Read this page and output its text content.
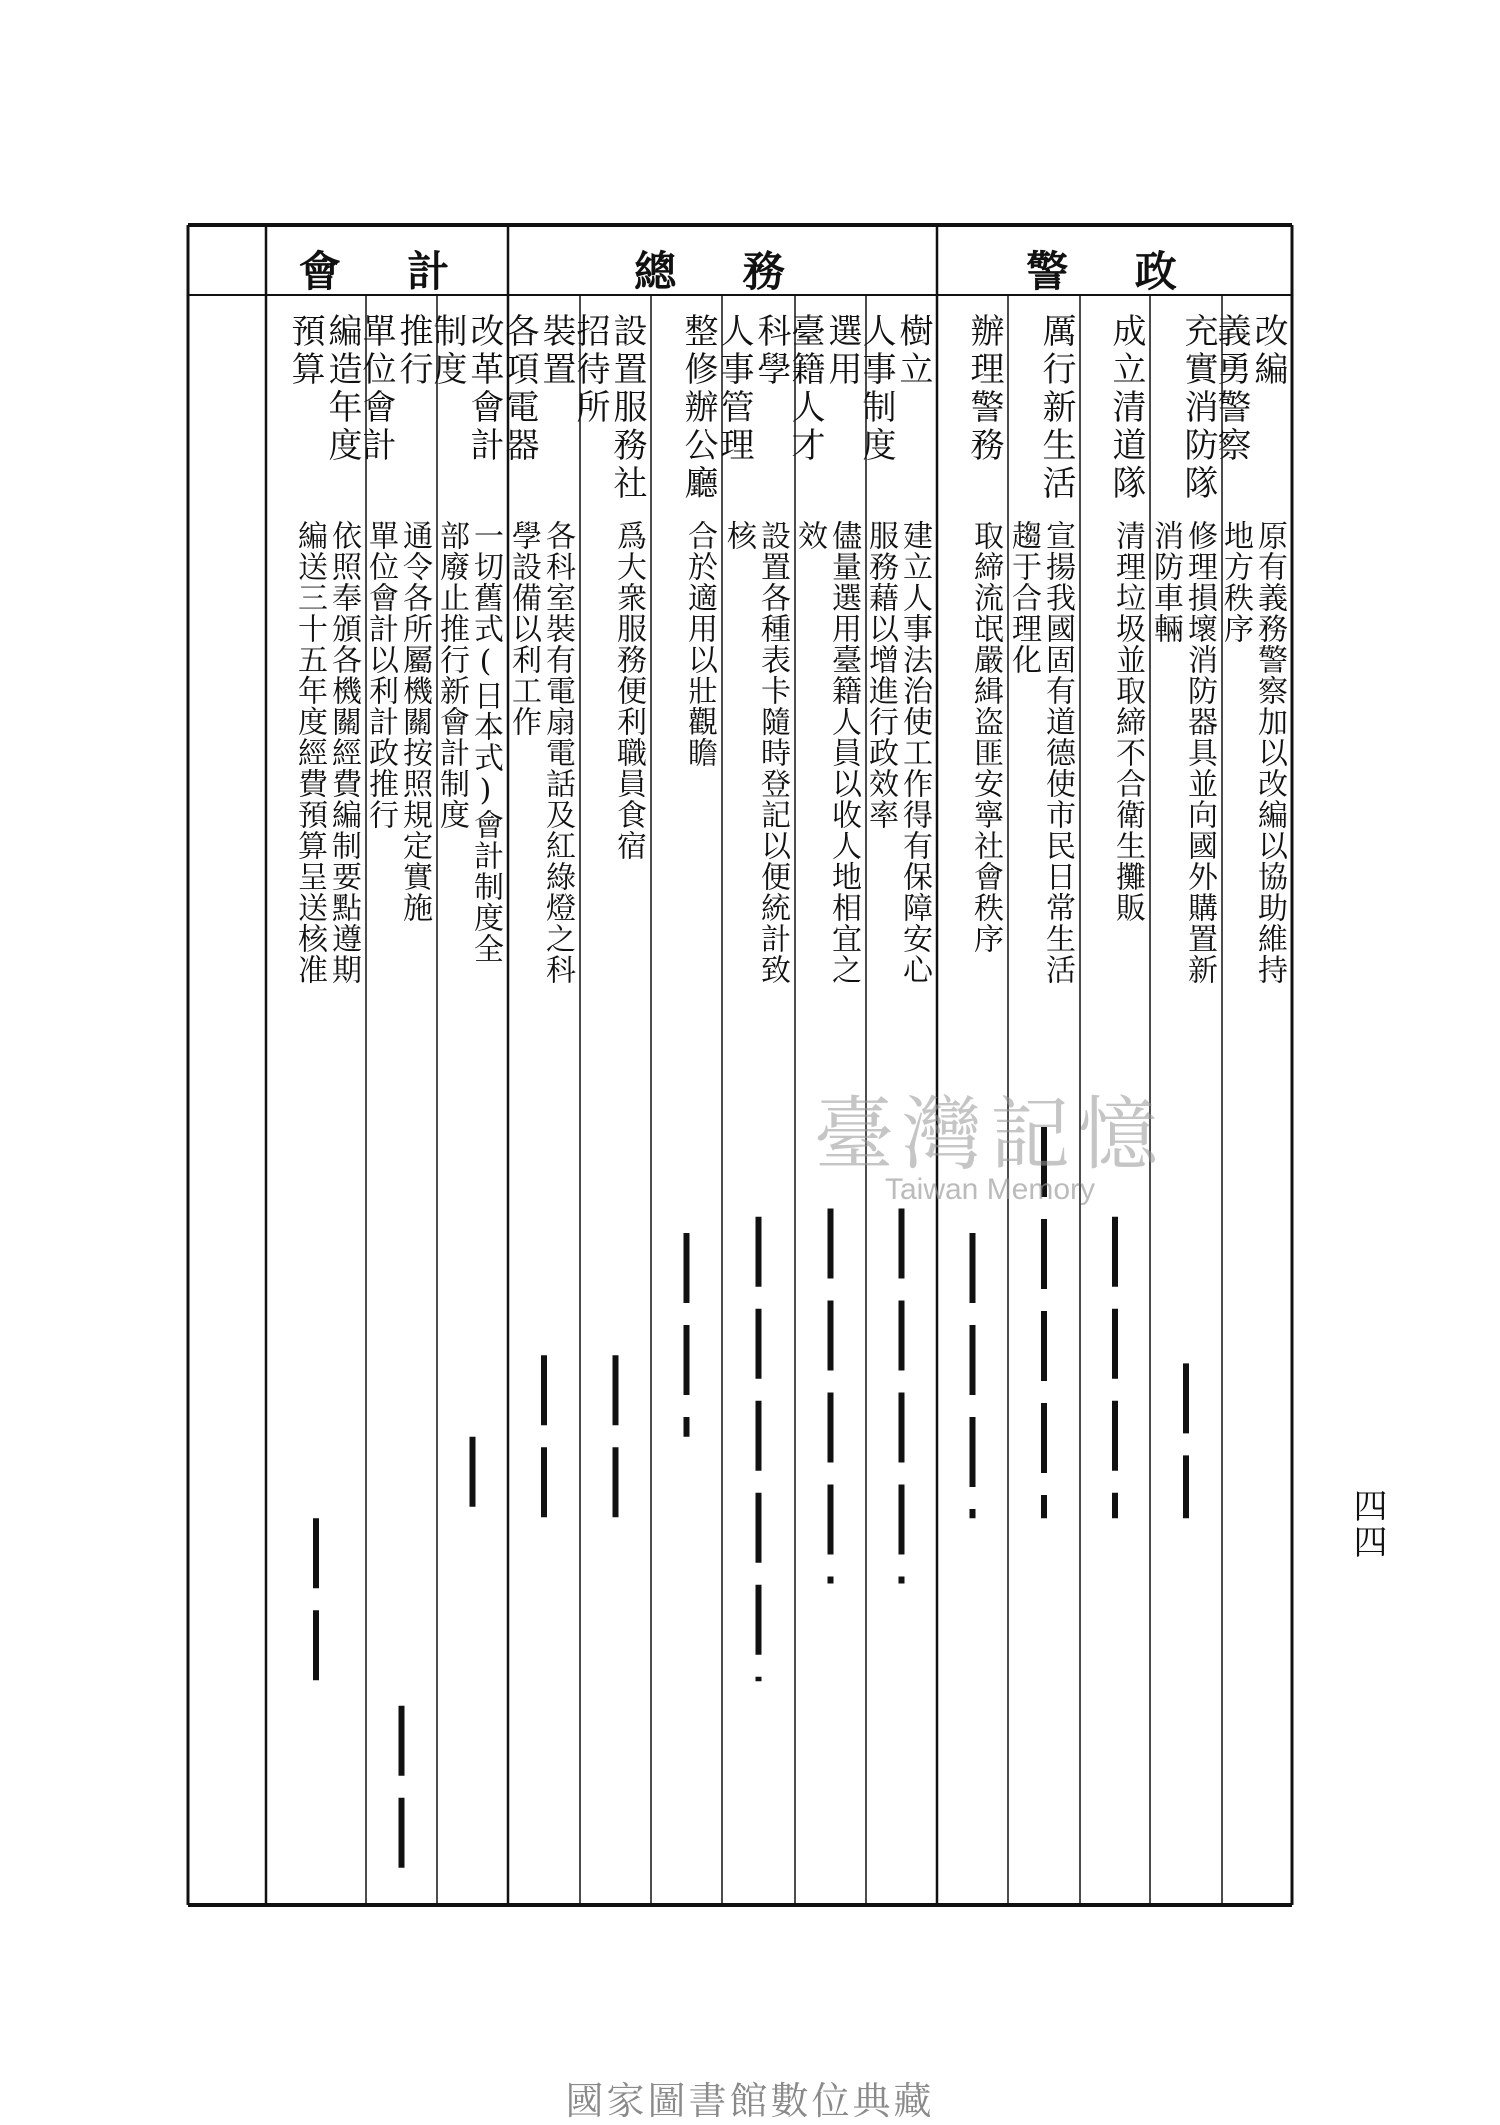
警 政
總 務
會 計
改編
義勇警察
原有義務警察加以改編以協助維持
地方秩序
充實消防隊
修理損壞消防器具並向國外購置新
消防車輛
成立清道隊
清理垃圾並取締不合衛生攤販
厲行新生活
宣揚我國固有道德使市民日常生活
趨于合理化
辦理警務
取締流氓嚴緝盗匪安寧社會秩序
樹立
人事制度
建立人事法治使工作得有保障安心
服務藉以增進行政效率
選用
臺籍人才
儘量選用臺籍人員以收人地相宜之
效
科學
人事管理
設置各種表卡隨時登記以便統計致
核
整修辦公廳
合於適用以壯觀瞻
設置服務社
招待所
爲大衆服務便利職員食宿
裝置
各項電器
各科室裝有電扇電話及紅綠燈之科
學設備以利工作
改革會計
制度
一切舊式(日本式)會計制度全
部廢止推行新會計制度
推行
單位會計
通令各所屬機關按照規定實施
單位會計以利計政推行
編造年度
預算
依照奉頒各機關經費編制要點遵期
編送三十五年度經費預算呈送核准
四四
臺灣記憶
Taiwan Memory
國家圖書館數位典藏
